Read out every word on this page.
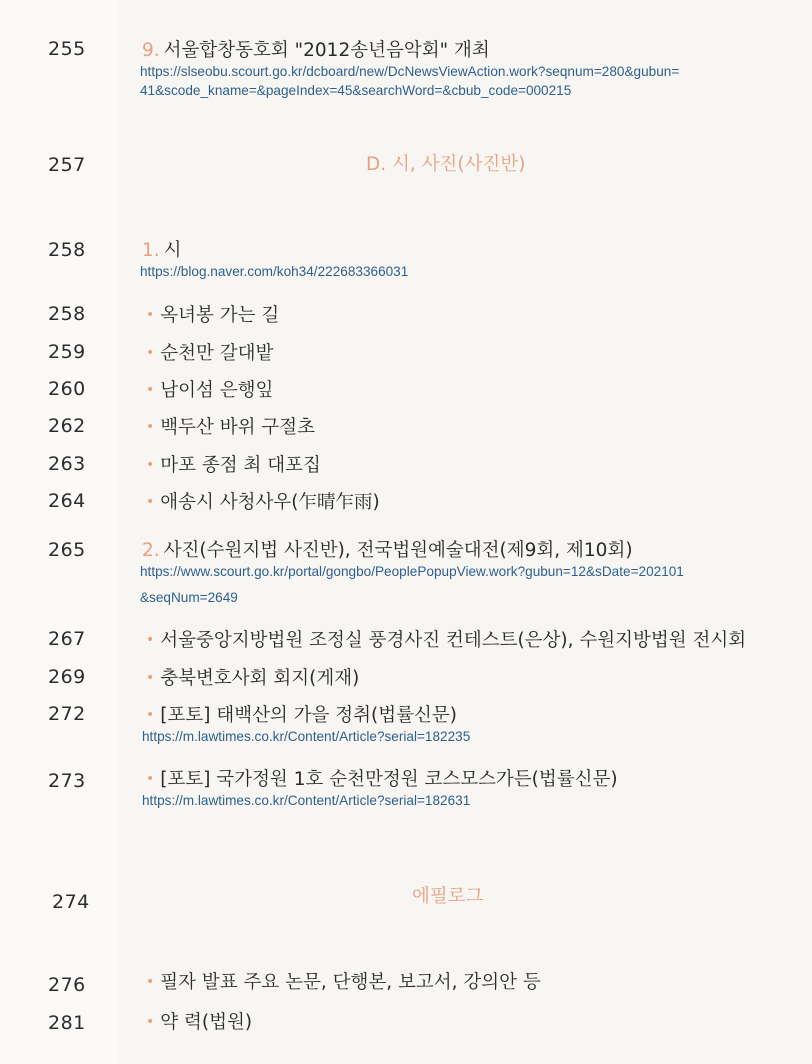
255	9. 서울합창동호회 "2012송년음악회" 개최
https://slseobu.scourt.go.kr/dcboard/new/DcNewsViewAction.work?seqnum=280&gubun=
41&scode_kname=&pageIndex=45&searchWord=&cbub_code=000215
257	D. 시, 사진(사진반)
258	1. 시
https://blog.naver.com/koh34/222683366031
258	• 옥녀봉 가는 길
259	• 순천만 갈대밭
260	• 남이섬 은행잎
262	• 백두산 바위 구절초
263	• 마포 종점 최 대포집
264	• 애송시 사청사우(乍晴乍雨)
265	2. 사진(수원지법 사진반), 전국법원예술대전(제9회, 제10회)
https://www.scourt.go.kr/portal/gongbo/PeoplePopupView.work?gubun=12&sDate=202101
&seqNum=2649
267	• 서울중앙지방법원 조정실 풍경사진 컨테스트(은상), 수원지방법원 전시회
269	• 충북변호사회 회지(게재)
272	• [포토] 태백산의 가을 정취(법률신문)
https://m.lawtimes.co.kr/Content/Article?serial=182235
273	• [포토] 국가정원 1호 순천만정원 코스모스가든(법률신문)
https://m.lawtimes.co.kr/Content/Article?serial=182631
274	에필로그
276	• 필자 발표 주요 논문, 단행본, 보고서, 강의안 등
281	• 약 력(법원)
